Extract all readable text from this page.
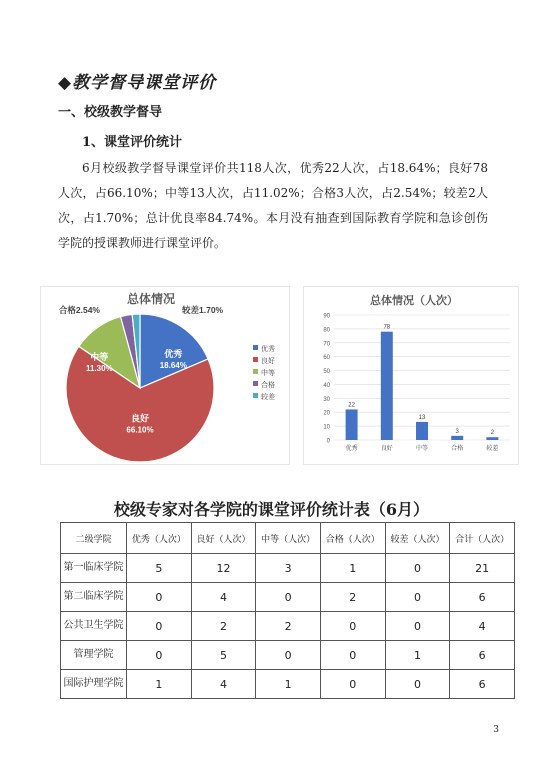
◆教学督导课堂评价
一、校级教学督导
1、课堂评价统计
6月校级教学督导课堂评价共118人次，优秀22人次，占18.64%；良好78人次，占66.10%；中等13人次，占11.02%；合格3人次，占2.54%；较差2人次，占1.70%；总计优良率84.74%。本月没有抽查到国际教育学院和急诊创伤学院的授课教师进行课堂评价。
总体情况
优秀
18.64%
良好
66.10%
中等
11.30%
合格2.54%	较差1.70%
优秀
良好
中等
合格
较差
总体情况（人次）
0
10
20
30
40
50
60
70
80
90
22
优秀
78
良好
13
中等
3
合格
2
较差
校级专家对各学院的课堂评价统计表（6月）
二级学院	优秀（人次）	良好（人次）	中等（人次）	合格（人次）	较差（人次）	合计（人次）
第一临床学院	5	12	3	1	0	21
第二临床学院	0	4	0	2	0	6
公共卫生学院	0	2	2	0	0	4
管理学院	0	5	0	0	1	6
国际护理学院	1	4	1	0	0	6
3
